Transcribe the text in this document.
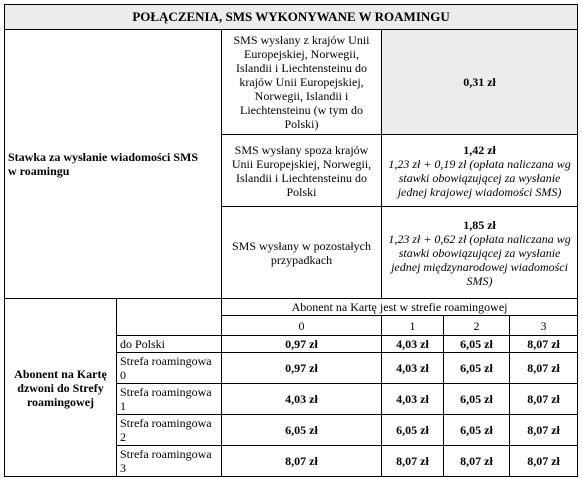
POŁĄCZENIA, SMS WYKONYWANE W ROAMINGU					
Stawka za wysłanie wiadomości SMS
w roamingu		SMS wysłany z krajów Unii Europejskiej, Norwegii, Islandii i Liechtensteinu do krajów Unii Europejskiej, Norwegii, Islandii i Liechtensteinu (w tym do Polski)	0,31 zł		

		SMS wysłany spoza krajów Unii Europejskiej, Norwegii, Islandii i Liechtensteinu do Polski	1,42 zł
1,23 zł + 0,19 zł (opłata naliczana wg stawki obowiązującej za wysłanie jednej krajowej wiadomości SMS)		

		SMS wysłany w pozostałych przypadkach	1,85 zł
1,23 zł + 0,62 zł (opłata naliczana wg stawki obowiązującej za wysłanie jednej międzynarodowej wiadomości SMS)		

Abonent na Kartę dzwoni do Strefy roamingowej		Abonent na Kartę jest w strefie roamingowej			
		0	1	2	3
	do Polski	0,97 zł	4,03 zł	6,05 zł	8,07 zł
	Strefa roamingowa 0	0,97 zł	4,03 zł	6,05 zł	8,07 zł
	Strefa roamingowa 1	4,03 zł	4,03 zł	6,05 zł	8,07 zł
	Strefa roamingowa 2	6,05 zł	6,05 zł	6,05 zł	8,07 zł
	Strefa roamingowa 3	8,07 zł	8,07 zł	8,07 zł	8,07 zł
